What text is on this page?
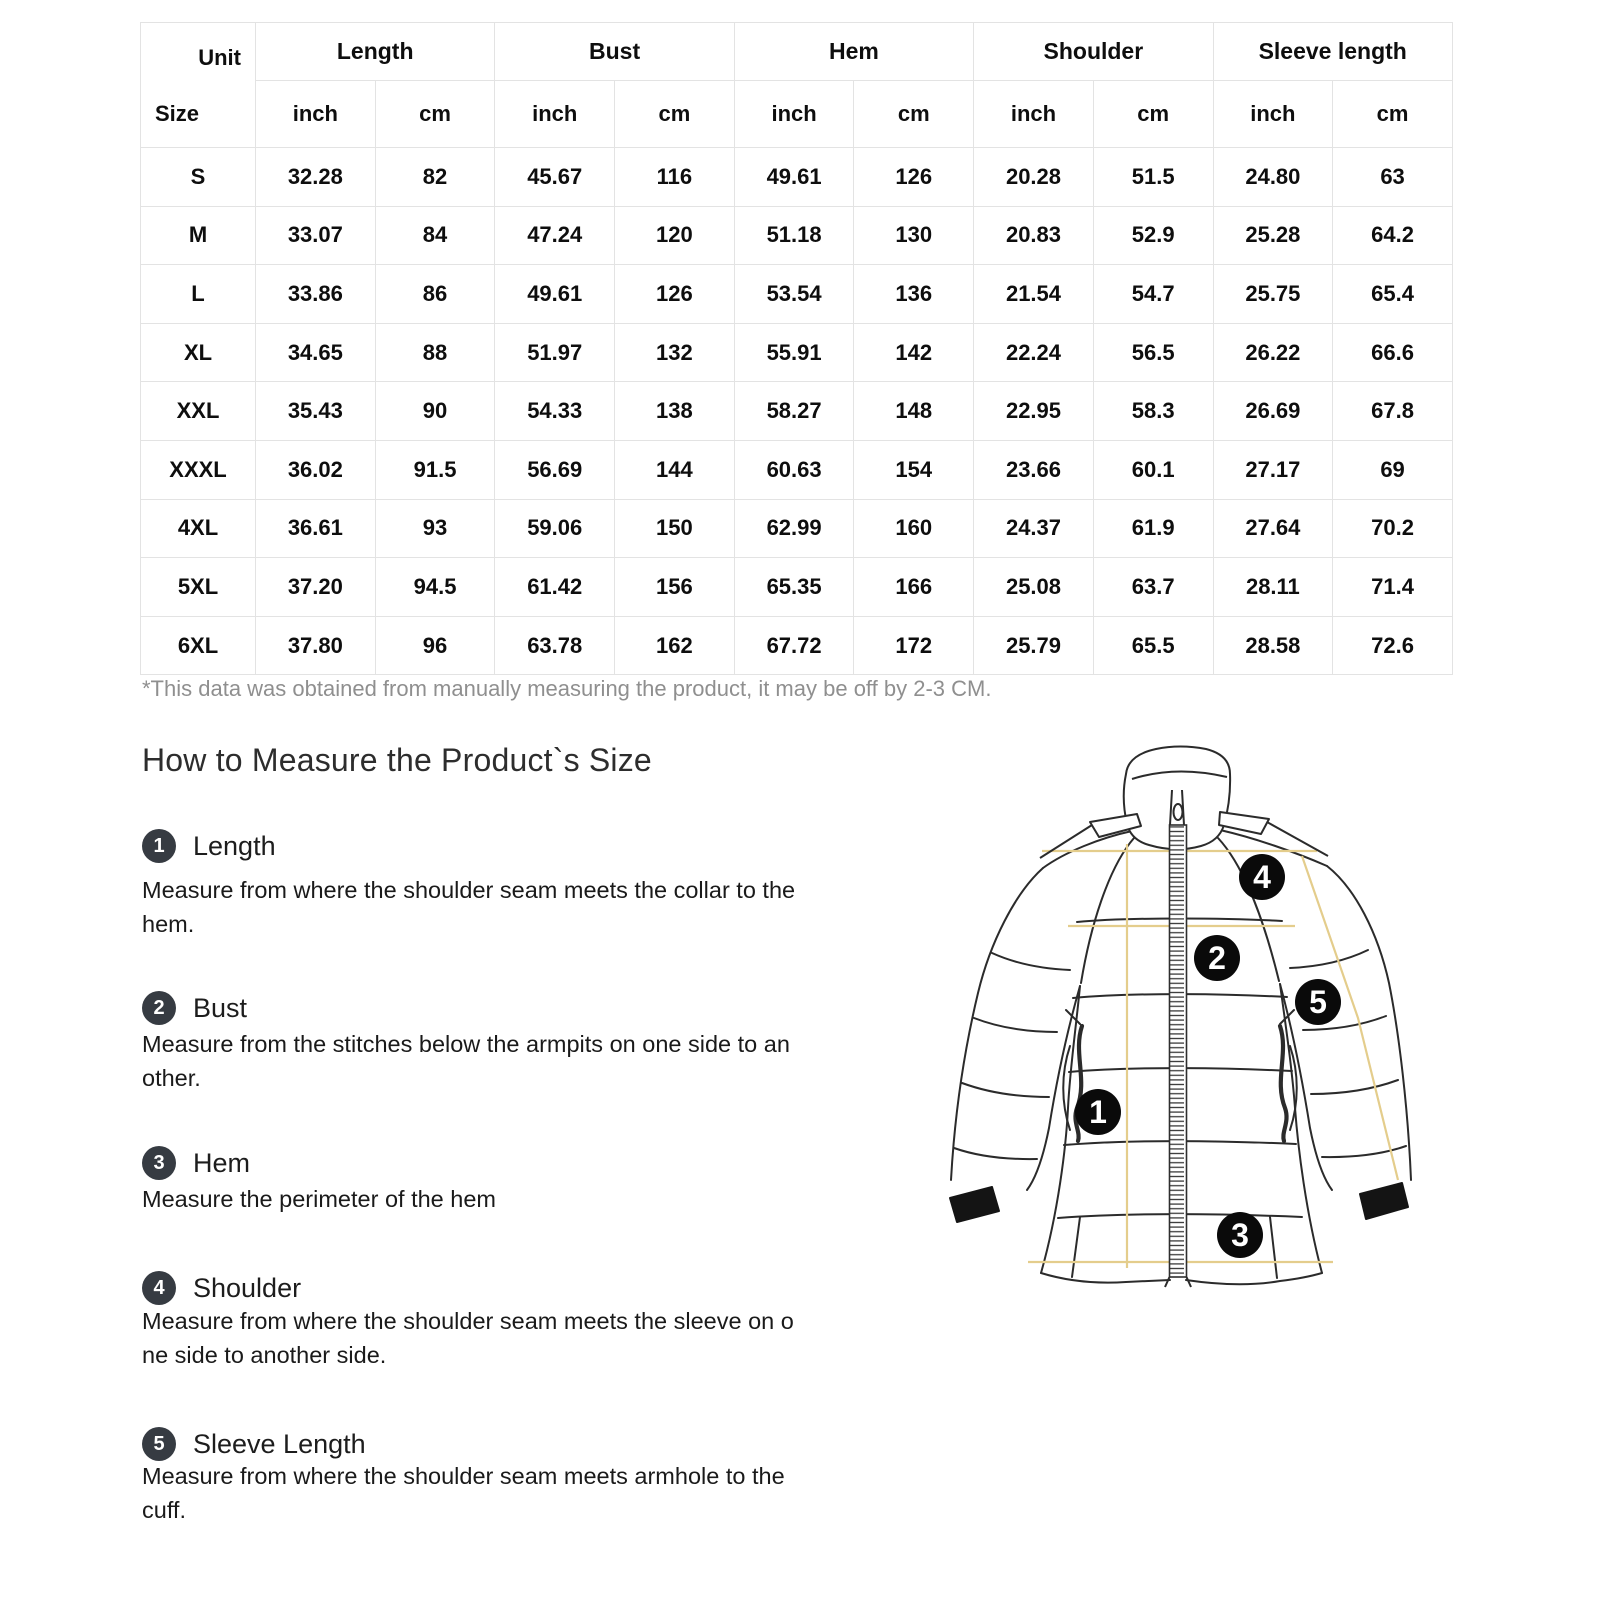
Unit
Size	Length		Bust		Hem		Shoulder		Sleeve length	
	inch	cm	inch	cm	inch	cm	inch	cm	inch	cm
S	32.28	82	45.67	116	49.61	126	20.28	51.5	24.80	63
M	33.07	84	47.24	120	51.18	130	20.83	52.9	25.28	64.2
L	33.86	86	49.61	126	53.54	136	21.54	54.7	25.75	65.4
XL	34.65	88	51.97	132	55.91	142	22.24	56.5	26.22	66.6
XXL	35.43	90	54.33	138	58.27	148	22.95	58.3	26.69	67.8
XXXL	36.02	91.5	56.69	144	60.63	154	23.66	60.1	27.17	69
4XL	36.61	93	59.06	150	62.99	160	24.37	61.9	27.64	70.2
5XL	37.20	94.5	61.42	156	65.35	166	25.08	63.7	28.11	71.4
6XL	37.80	96	63.78	162	67.72	172	25.79	65.5	28.58	72.6
*This data was obtained from manually measuring the product, it may be off by 2-3 CM.
How to Measure the Product`s Size
1	Length
Measure from where the shoulder seam meets the collar to the
hem.
2	Bust
Measure from the stitches below the armpits on one side to an
other.
3	Hem
Measure the perimeter of the hem
4	Shoulder
Measure from where the shoulder seam meets the sleeve on o
ne side to another side.
5	Sleeve Length
Measure from where the shoulder seam meets armhole to the
cuff.
1
2
3
4
5
